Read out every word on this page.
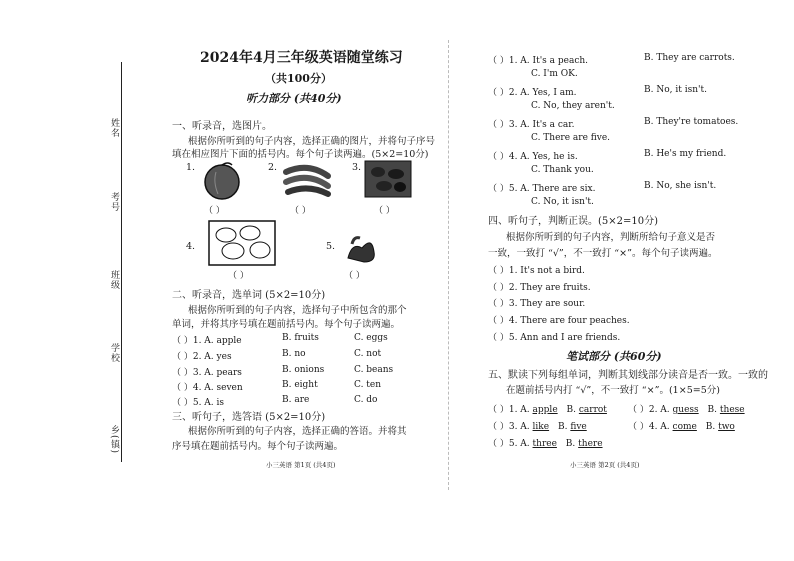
姓名
考号
班级
学校
乡(镇)
2024年4月三年级英语随堂练习
（共100分）
听力部分 (共40分)
一、听录音，选图片。
根据你所听到的句子内容，选择正确的图片，并将句子序号
填在相应图片下面的括号内。每个句子读两遍。(5×2=10分)
1.
（ ）
2.
（ ）
3.
（ ）
4.
（ ）
5.
（ ）
二、听录音，选单词 (5×2=10分)
根据你所听到的句子内容，选择句子中所包含的那个
单词，并将其序号填在题前括号内。每个句子读两遍。
（ ）1. A. apple	B. fruits	C. eggs
（ ）2. A. yes	B. no	C. not
（ ）3. A. pears	B. onions	C. beans
（ ）4. A. seven	B. eight	C. ten
（ ）5. A. is	B. are	C. do
三、听句子，选答语 (5×2=10分)
根据你所听到的句子内容，选择正确的答语。并将其
序号填在题前括号内。每个句子读两遍。
小三英语 第1页 (共4页)
（ ）1. A. It's a peach.	B. They are carrots.
C. I'm OK.
（ ）2. A. Yes, I am.	B. No, it isn't.
C. No, they aren't.
（ ）3. A. It's a car.	B. They're tomatoes.
C. There are five.
（ ）4. A. Yes, he is.	B. He's my friend.
C. Thank you.
（ ）5. A. There are six.	B. No, she isn't.
C. No, it isn't.
四、听句子，判断正误。(5×2=10分)
根据你所听到的句子内容，判断所给句子意义是否
一致，一致打 “√”，不一致打 “×”。每个句子读两遍。
（ ）1. It's not a bird.
（ ）2. They are fruits.
（ ）3. They are sour.
（ ）4. There are four peaches.
（ ）5. Ann and I are friends.
笔试部分 (共60分)
五、默读下列每组单词，判断其划线部分读音是否一致。一致的
在题前括号内打 “√”，不一致打 “×”。(1×5=5分)
（ ）1. A. apple B. carrot （ ）2. A. guess B. these
（ ）3. A. like B. five	（ ）4. A. come B. two
（ ）5. A. three B. there
小三英语 第2页 (共4页)
